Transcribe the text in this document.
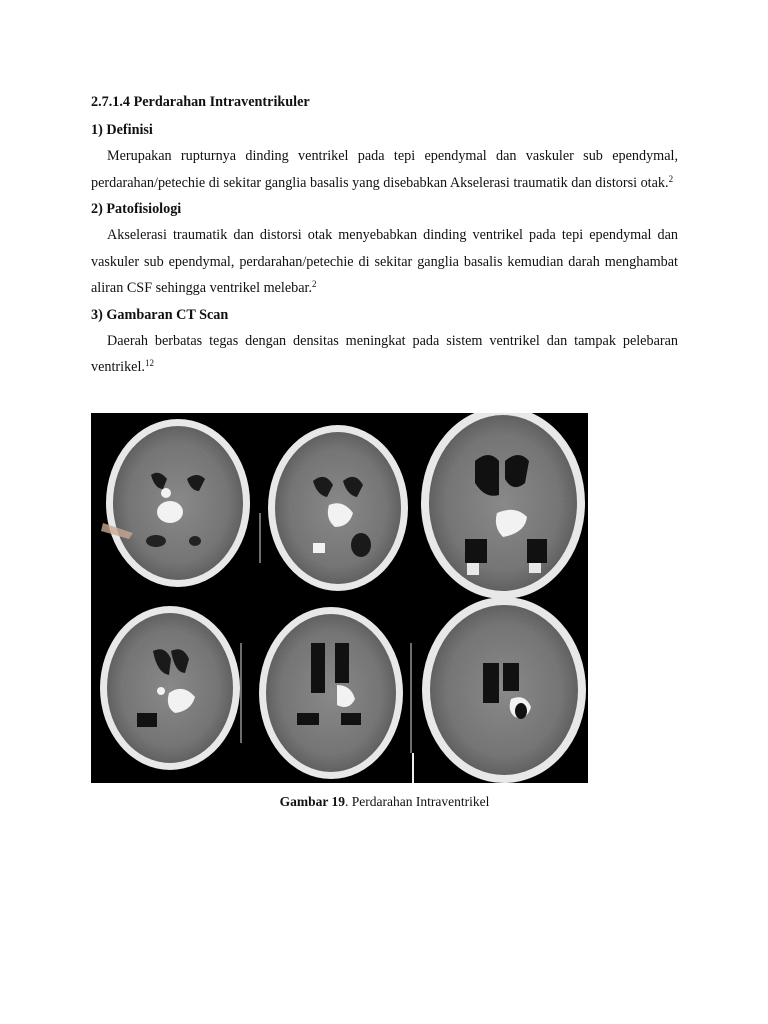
2.7.1.4 Perdarahan Intraventrikuler
1) Definisi

Merupakan rupturnya dinding ventrikel pada tepi ependymal dan vaskuler sub ependymal, perdarahan/petechie di sekitar ganglia basalis yang disebabkan Akselerasi traumatik dan distorsi otak.$^2$

2) Patofisiologi

Akselerasi traumatik dan distorsi otak menyebabkan dinding ventrikel pada tepi ependymal dan vaskuler sub ependymal, perdarahan/petechie di sekitar ganglia basalis kemudian darah menghambat aliran CSF sehingga ventrikel melebar.$^2$

3) Gambaran CT Scan

Daerah berbatas tegas dengan densitas meningkat pada sistem ventrikel dan tampak pelebaran ventrikel.$^{12}$

Gambar 19. Perdarahan Intraventrikel
